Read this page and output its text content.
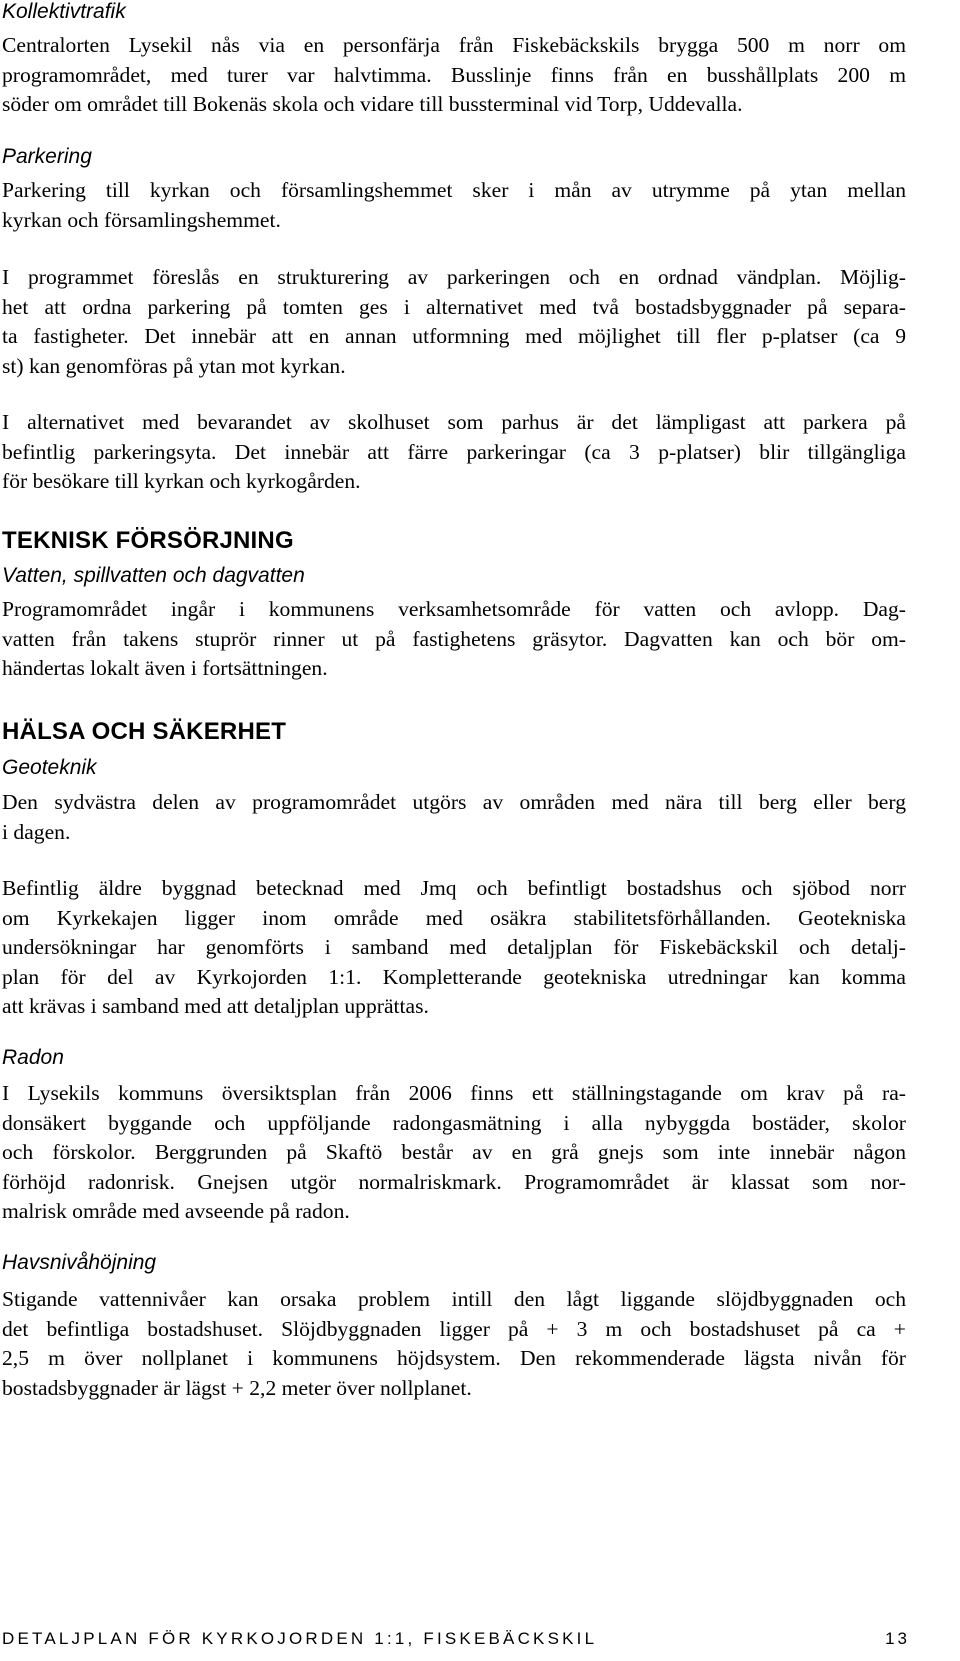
Kollektivtrafik
Centralorten Lysekil nås via en personfärja från Fiskebäckskils brygga 500 m norr om
programområdet, med turer var halvtimma. Busslinje finns från en busshållplats 200 m
söder om området till Bokenäs skola och vidare till bussterminal vid Torp, Uddevalla.
Parkering
Parkering till kyrkan och församlingshemmet sker i mån av utrymme på ytan mellan
kyrkan och församlingshemmet.
I programmet föreslås en strukturering av parkeringen och en ordnad vändplan. Möjlig-
het att ordna parkering på tomten ges i alternativet med två bostadsbyggnader på separa-
ta fastigheter. Det innebär att en annan utformning med möjlighet till fler p-platser (ca 9
st) kan genomföras på ytan mot kyrkan.
I alternativet med bevarandet av skolhuset som parhus är det lämpligast att parkera på
befintlig parkeringsyta. Det innebär att färre parkeringar (ca 3 p-platser) blir tillgängliga
för besökare till kyrkan och kyrkogården.
TEKNISK FÖRSÖRJNING
Vatten, spillvatten och dagvatten
Programområdet ingår i kommunens verksamhetsområde för vatten och avlopp. Dag-
vatten från takens stuprör rinner ut på fastighetens gräsytor. Dagvatten kan och bör om-
händertas lokalt även i fortsättningen.
HÄLSA OCH SÄKERHET
Geoteknik
Den sydvästra delen av programområdet utgörs av områden med nära till berg eller berg
i dagen.
Befintlig äldre byggnad betecknad med Jmq och befintligt bostadshus och sjöbod norr
om Kyrkekajen ligger inom område med osäkra stabilitetsförhållanden. Geotekniska
undersökningar har genomförts i samband med detaljplan för Fiskebäckskil och detalj-
plan för del av Kyrkojorden 1:1. Kompletterande geotekniska utredningar kan komma
att krävas i samband med att detaljplan upprättas.
Radon
I Lysekils kommuns översiktsplan från 2006 finns ett ställningstagande om krav på ra-
donsäkert byggande och uppföljande radongasmätning i alla nybyggda bostäder, skolor
och förskolor. Berggrunden på Skaftö består av en grå gnejs som inte innebär någon
förhöjd radonrisk. Gnejsen utgör normalriskmark. Programområdet är klassat som nor-
malrisk område med avseende på radon.
Havsnivåhöjning
Stigande vattennivåer kan orsaka problem intill den lågt liggande slöjdbyggnaden och
det befintliga bostadshuset. Slöjdbyggnaden ligger på + 3 m och bostadshuset på ca +
2,5 m över nollplanet i kommunens höjdsystem. Den rekommenderade lägsta nivån för
bostadsbyggnader är lägst + 2,2 meter över nollplanet.
DETALJPLAN FÖR KYRKOJORDEN 1:1, FISKEBÄCKSKIL	13
